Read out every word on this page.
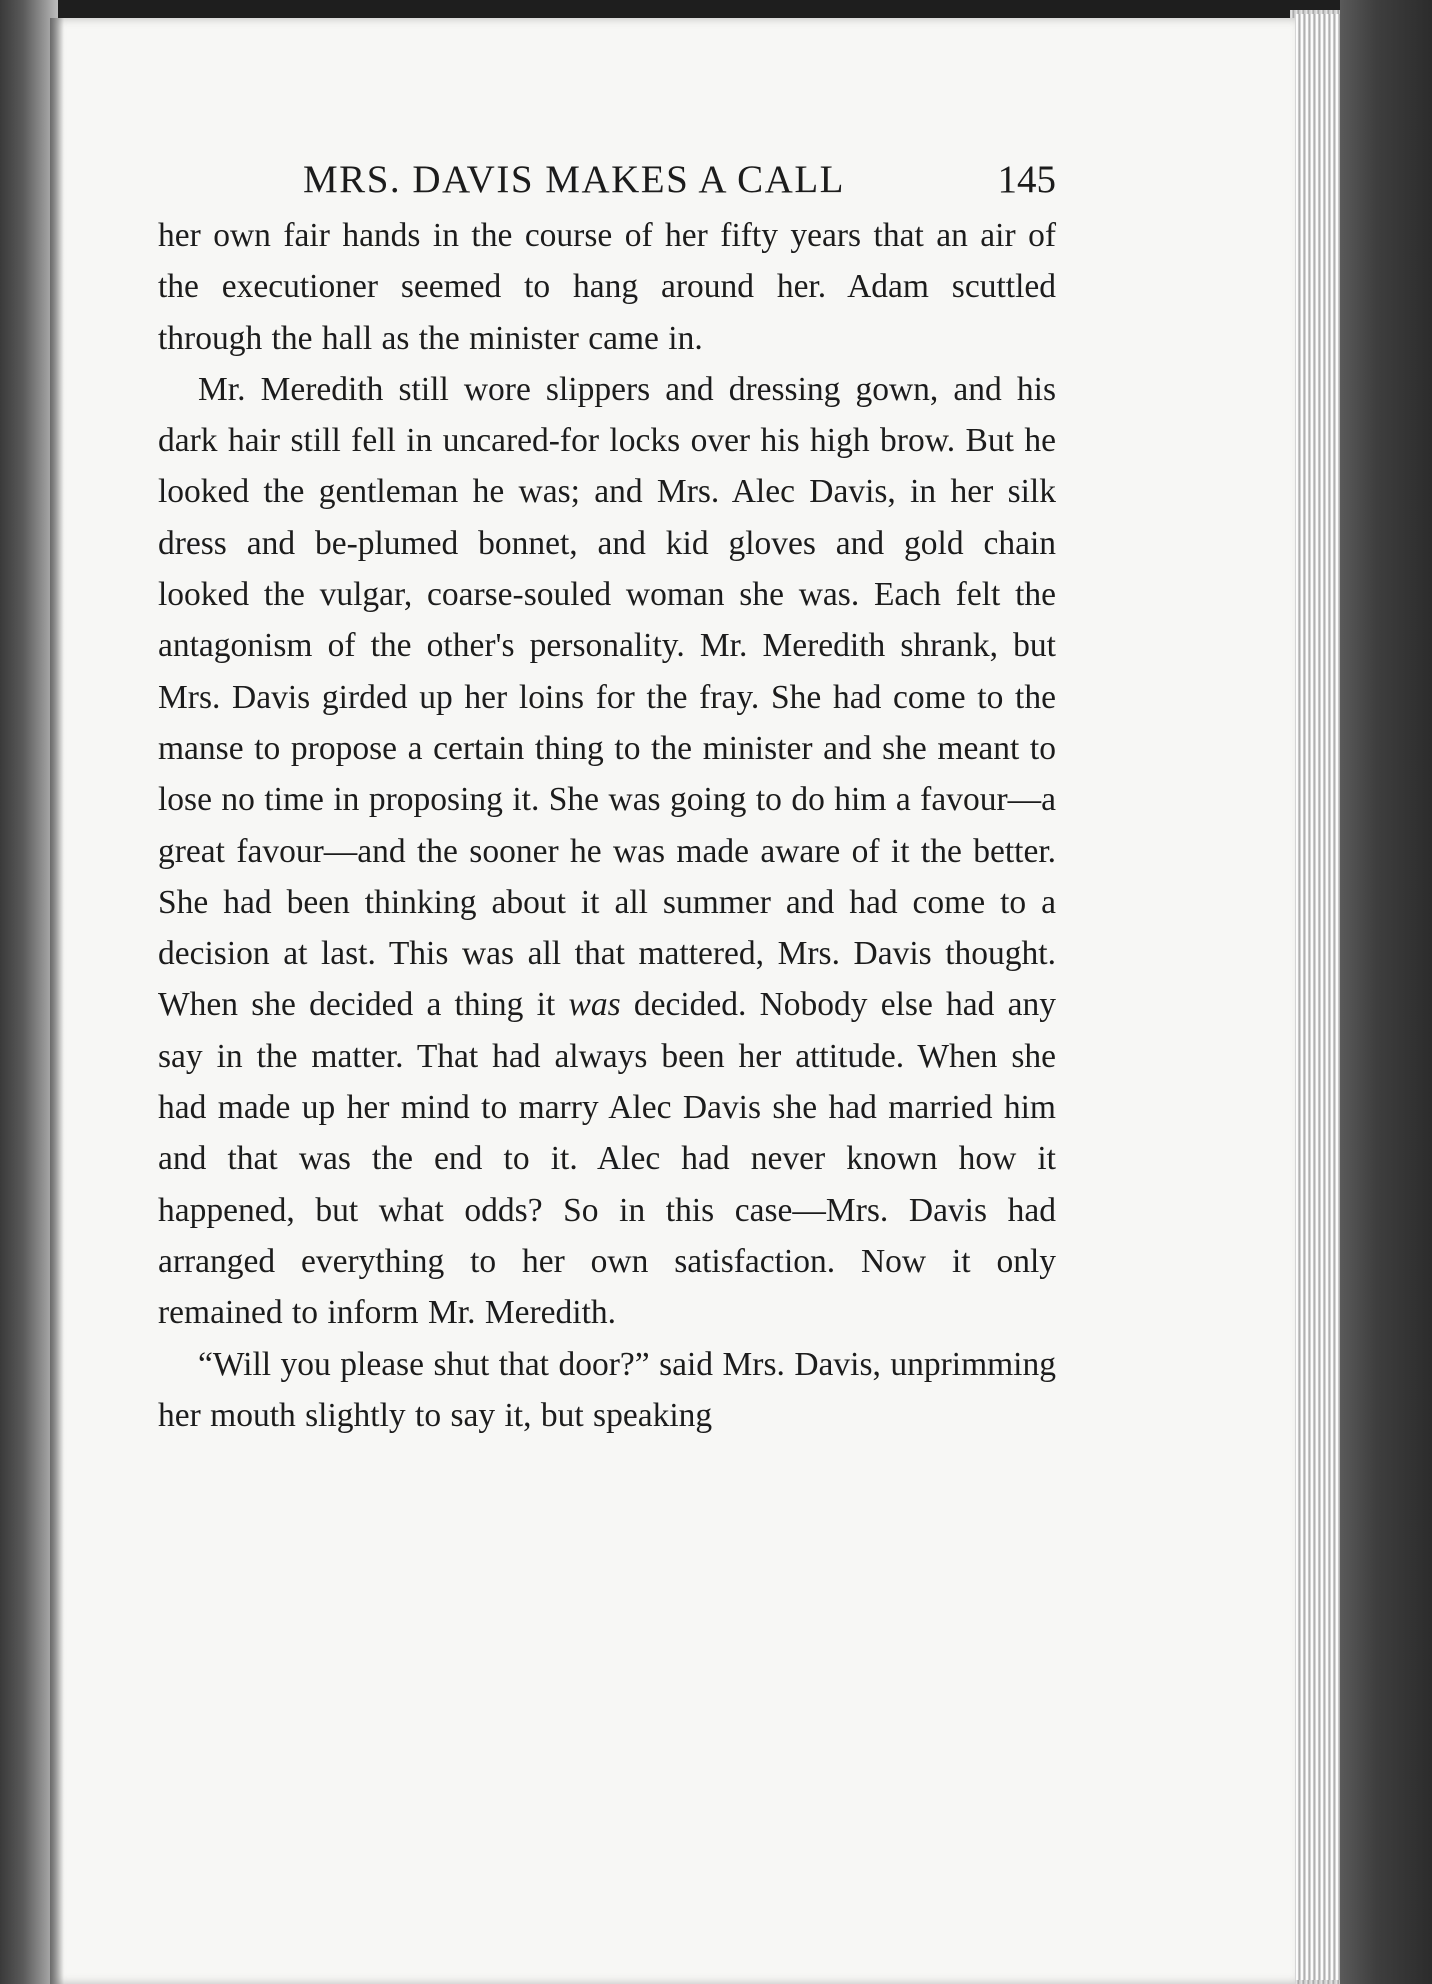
MRS. DAVIS MAKES A CALL	145

her own fair hands in the course of her fifty years that an air of the executioner seemed to hang around her. Adam scuttled through the hall as the minister came in.

Mr. Meredith still wore slippers and dressing gown, and his dark hair still fell in uncared-for locks over his high brow. But he looked the gentleman he was; and Mrs. Alec Davis, in her silk dress and be-plumed bonnet, and kid gloves and gold chain looked the vulgar, coarse-souled woman she was. Each felt the antagonism of the other's personality. Mr. Meredith shrank, but Mrs. Davis girded up her loins for the fray. She had come to the manse to propose a certain thing to the minister and she meant to lose no time in proposing it. She was going to do him a favour—a great favour—and the sooner he was made aware of it the better. She had been thinking about it all summer and had come to a decision at last. This was all that mattered, Mrs. Davis thought. When she decided a thing it was decided. Nobody else had any say in the matter. That had always been her attitude. When she had made up her mind to marry Alec Davis she had married him and that was the end to it. Alec had never known how it happened, but what odds? So in this case—Mrs. Davis had arranged everything to her own satisfaction. Now it only remained to inform Mr. Meredith.

“Will you please shut that door?” said Mrs. Davis, unprimming her mouth slightly to say it, but speaking
